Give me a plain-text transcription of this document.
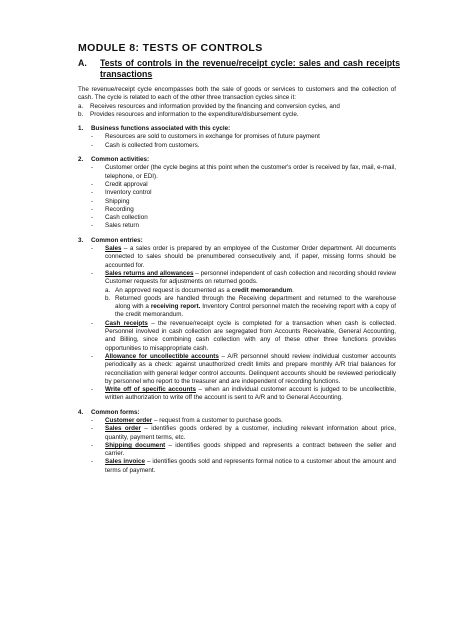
MODULE 8: TESTS OF CONTROLS
A. Tests of controls in the revenue/receipt cycle: sales and cash receipts transactions

The revenue/receipt cycle encompasses both the sale of goods or services to customers and the collection of cash. The cycle is related to each of the other three transaction cycles since it:

a.	Receives resources and information provided by the financing and conversion cycles, and
b.	Provides resources and information to the expenditure/disbursement cycle.
1.	Business functions associated with this cycle:
-	Resources are sold to customers in exchange for promises of future payment
-	Cash is collected from customers.
2.	Common activities:
-	Customer order (the cycle begins at this point when the customer's order is received by fax, mail, e-mail, telephone, or EDI).
-	Credit approval
-	Inventory control
-	Shipping
-	Recording
-	Cash collection
-	Sales return
3.	Common entries:
-	Sales – a sales order is prepared by an employee of the Customer Order department. All documents connected to sales should be prenumbered consecutively and, if paper, missing forms should be accounted for.
-	Sales returns and allowances – personnel independent of cash collection and recording should review Customer requests for adjustments on returned goods.
a. An approved request is documented as a credit memorandum.
b. Returned goods are handled through the Receiving department and returned to the warehouse along with a receiving report. Inventory Control personnel match the receiving report with a copy of the credit memorandum.
-	Cash receipts – the revenue/receipt cycle is completed for a transaction when cash is collected. Personnel involved in cash collection are segregated from Accounts Receivable, General Accounting, and Billing, since combining cash collection with any of these other three functions provides opportunities to misappropriate cash.
-	Allowance for uncollectible accounts – A/R personnel should review individual customer accounts periodically as a check: against unauthorized credit limits and prepare monthly A/R trial balances for reconciliation with general ledger control accounts. Delinquent accounts should be reviewed periodically by personnel who report to the treasurer and are independent of recording functions.
-	Write off of specific accounts – when an individual customer account is judged to be uncollectible, written authorization to write off the account is sent to A/R and to General Accounting.
4.	Common forms:
-	Customer order – request from a customer to purchase goods.
-	Sales order – identifies goods ordered by a customer, including relevant information about price, quantity, payment terms, etc.
-	Shipping document – identifies goods shipped and represents a contract between the seller and carrier.
-	Sales invoice – identifies goods sold and represents formal notice to a customer about the amount and terms of payment.
